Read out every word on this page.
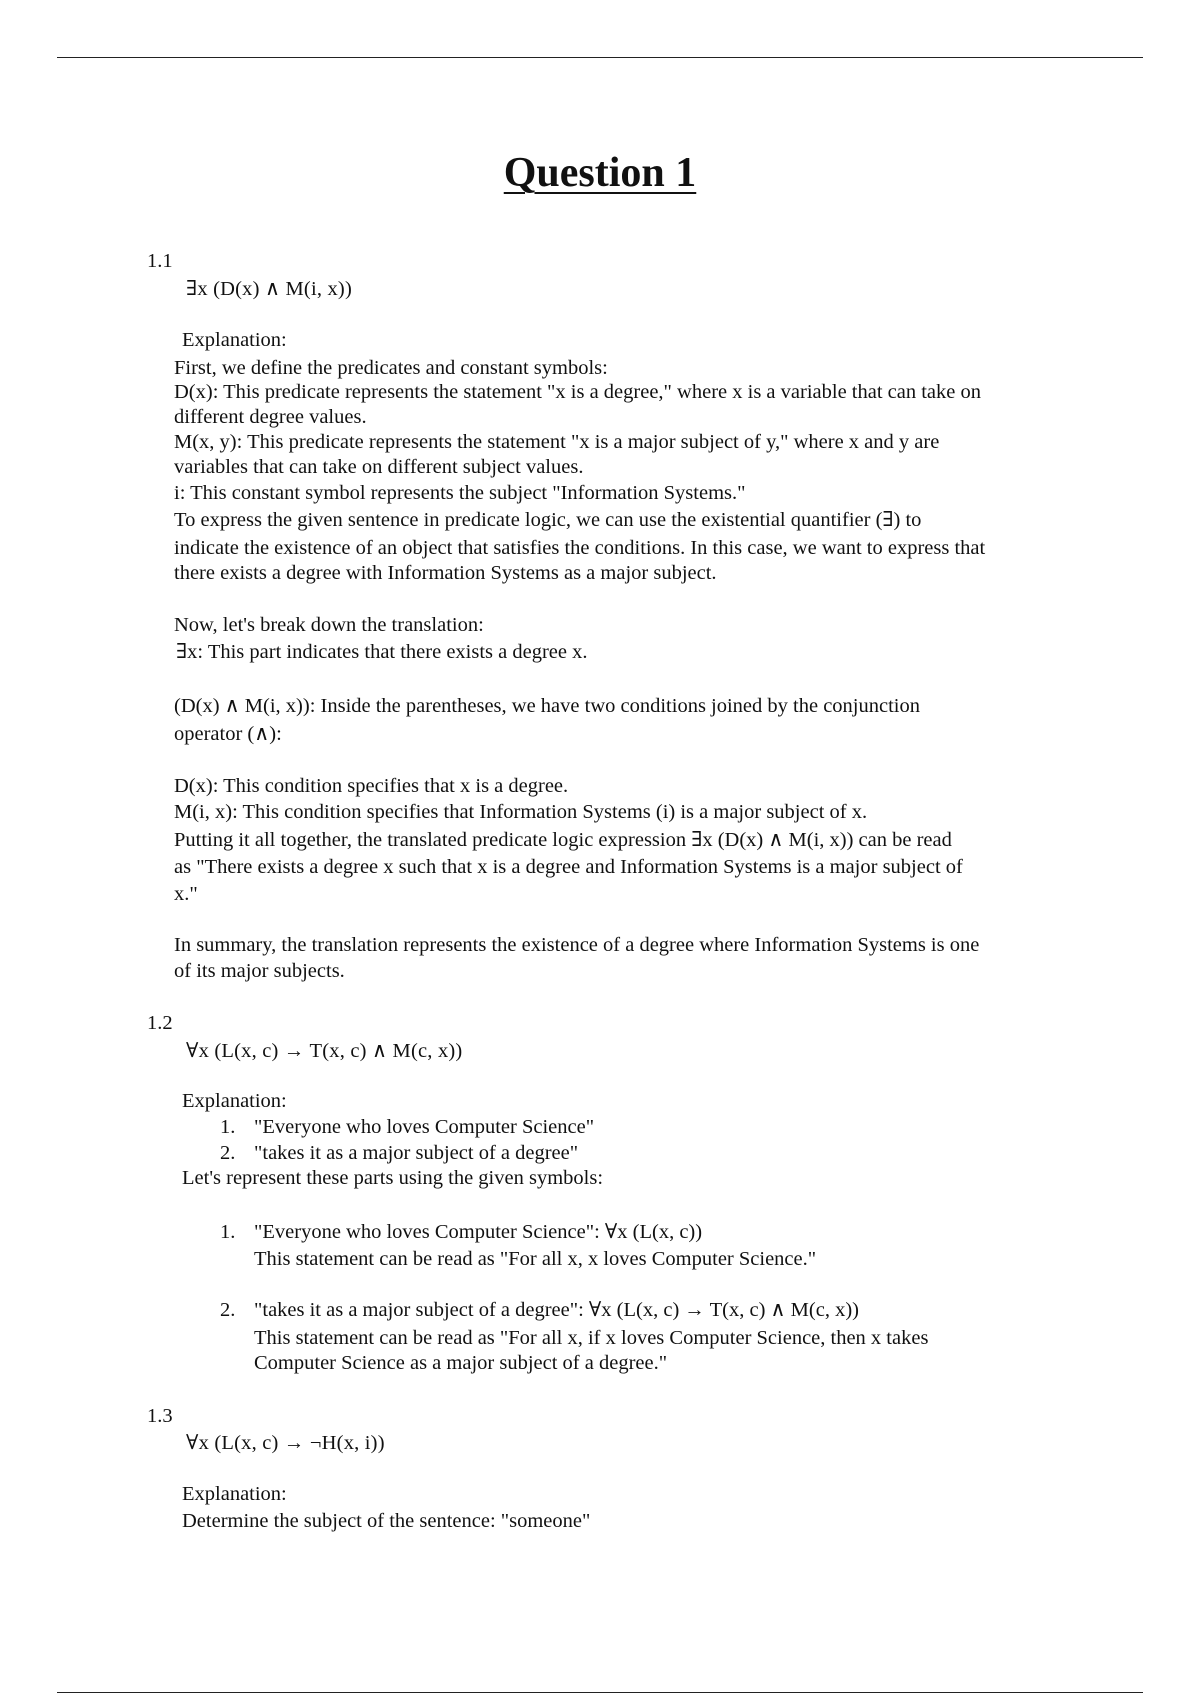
Question 1
1.1
∃x (D(x) ∧ M(i, x))
Explanation:
First, we define the predicates and constant symbols:
D(x): This predicate represents the statement "x is a degree," where x is a variable that can take on
different degree values.
M(x, y): This predicate represents the statement "x is a major subject of y," where x and y are
variables that can take on different subject values.
i: This constant symbol represents the subject "Information Systems."
To express the given sentence in predicate logic, we can use the existential quantifier (∃) to
indicate the existence of an object that satisfies the conditions. In this case, we want to express that
there exists a degree with Information Systems as a major subject.
Now, let's break down the translation:
∃x: This part indicates that there exists a degree x.
(D(x) ∧ M(i, x)): Inside the parentheses, we have two conditions joined by the conjunction
operator (∧):
D(x): This condition specifies that x is a degree.
M(i, x): This condition specifies that Information Systems (i) is a major subject of x.
Putting it all together, the translated predicate logic expression ∃x (D(x) ∧ M(i, x)) can be read
as "There exists a degree x such that x is a degree and Information Systems is a major subject of
x."
In summary, the translation represents the existence of a degree where Information Systems is one
of its major subjects.
1.2
∀x (L(x, c) → T(x, c) ∧ M(c, x))
Explanation:
1. "Everyone who loves Computer Science"
2. "takes it as a major subject of a degree"
Let's represent these parts using the given symbols:
1. "Everyone who loves Computer Science": ∀x (L(x, c))
This statement can be read as "For all x, x loves Computer Science."
2. "takes it as a major subject of a degree": ∀x (L(x, c) → T(x, c) ∧ M(c, x))
This statement can be read as "For all x, if x loves Computer Science, then x takes
Computer Science as a major subject of a degree."
1.3
∀x (L(x, c) → ¬H(x, i))
Explanation:
Determine the subject of the sentence: "someone"
